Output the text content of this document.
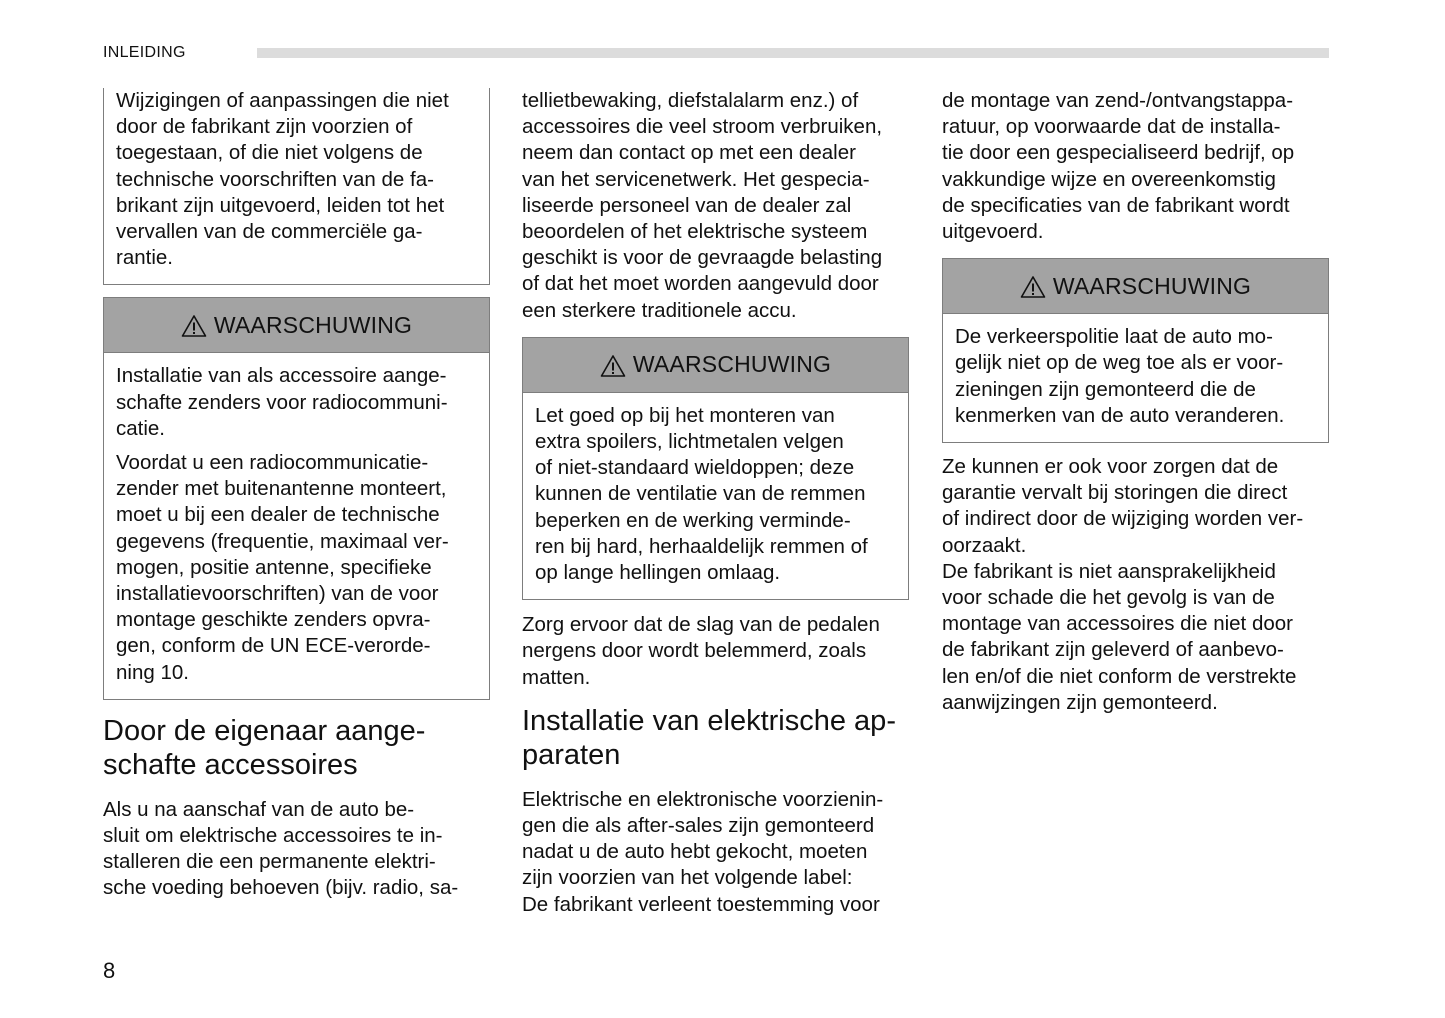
INLEIDING

Wijzigingen of aanpassingen die niet
door de fabrikant zijn voorzien of
toegestaan, of die niet volgens de
technische voorschriften van de fa-
brikant zijn uitgevoerd, leiden tot het
vervallen van de commerciële ga-
rantie.

WAARSCHUWING

Installatie van als accessoire aange-
schafte zenders voor radiocommuni-
catie.

Voordat u een radiocommunicatie-
zender met buitenantenne monteert,
moet u bij een dealer de technische
gegevens (frequentie, maximaal ver-
mogen, positie antenne, specifieke
installatievoorschriften) van de voor
montage geschikte zenders opvra-
gen, conform de UN ECE-verorde-
ning 10.

Door de eigenaar aange-
schafte accessoires

Als u na aanschaf van de auto be-
sluit om elektrische accessoires te in-
stalleren die een permanente elektri-
sche voeding behoeven (bijv. radio, sa-

tellietbewaking, diefstalalarm enz.) of
accessoires die veel stroom verbruiken,
neem dan contact op met een dealer
van het servicenetwerk. Het gespecia-
liseerde personeel van de dealer zal
beoordelen of het elektrische systeem
geschikt is voor de gevraagde belasting
of dat het moet worden aangevuld door
een sterkere traditionele accu.

WAARSCHUWING

Let goed op bij het monteren van
extra spoilers, lichtmetalen velgen
of niet-standaard wieldoppen; deze
kunnen de ventilatie van de remmen
beperken en de werking verminde-
ren bij hard, herhaaldelijk remmen of
op lange hellingen omlaag.

Zorg ervoor dat de slag van de pedalen
nergens door wordt belemmerd, zoals
matten.

Installatie van elektrische ap-
paraten

Elektrische en elektronische voorzienin-
gen die als after-sales zijn gemonteerd
nadat u de auto hebt gekocht, moeten
zijn voorzien van het volgende label:
De fabrikant verleent toestemming voor

de montage van zend-/ontvangstappa-
ratuur, op voorwaarde dat de installa-
tie door een gespecialiseerd bedrijf, op
vakkundige wijze en overeenkomstig
de specificaties van de fabrikant wordt
uitgevoerd.

WAARSCHUWING

De verkeerspolitie laat de auto mo-
gelijk niet op de weg toe als er voor-
zieningen zijn gemonteerd die de
kenmerken van de auto veranderen.

Ze kunnen er ook voor zorgen dat de
garantie vervalt bij storingen die direct
of indirect door de wijziging worden ver-
oorzaakt.
De fabrikant is niet aansprakelijkheid
voor schade die het gevolg is van de
montage van accessoires die niet door
de fabrikant zijn geleverd of aanbevo-
len en/of die niet conform de verstrekte
aanwijzingen zijn gemonteerd.

8
